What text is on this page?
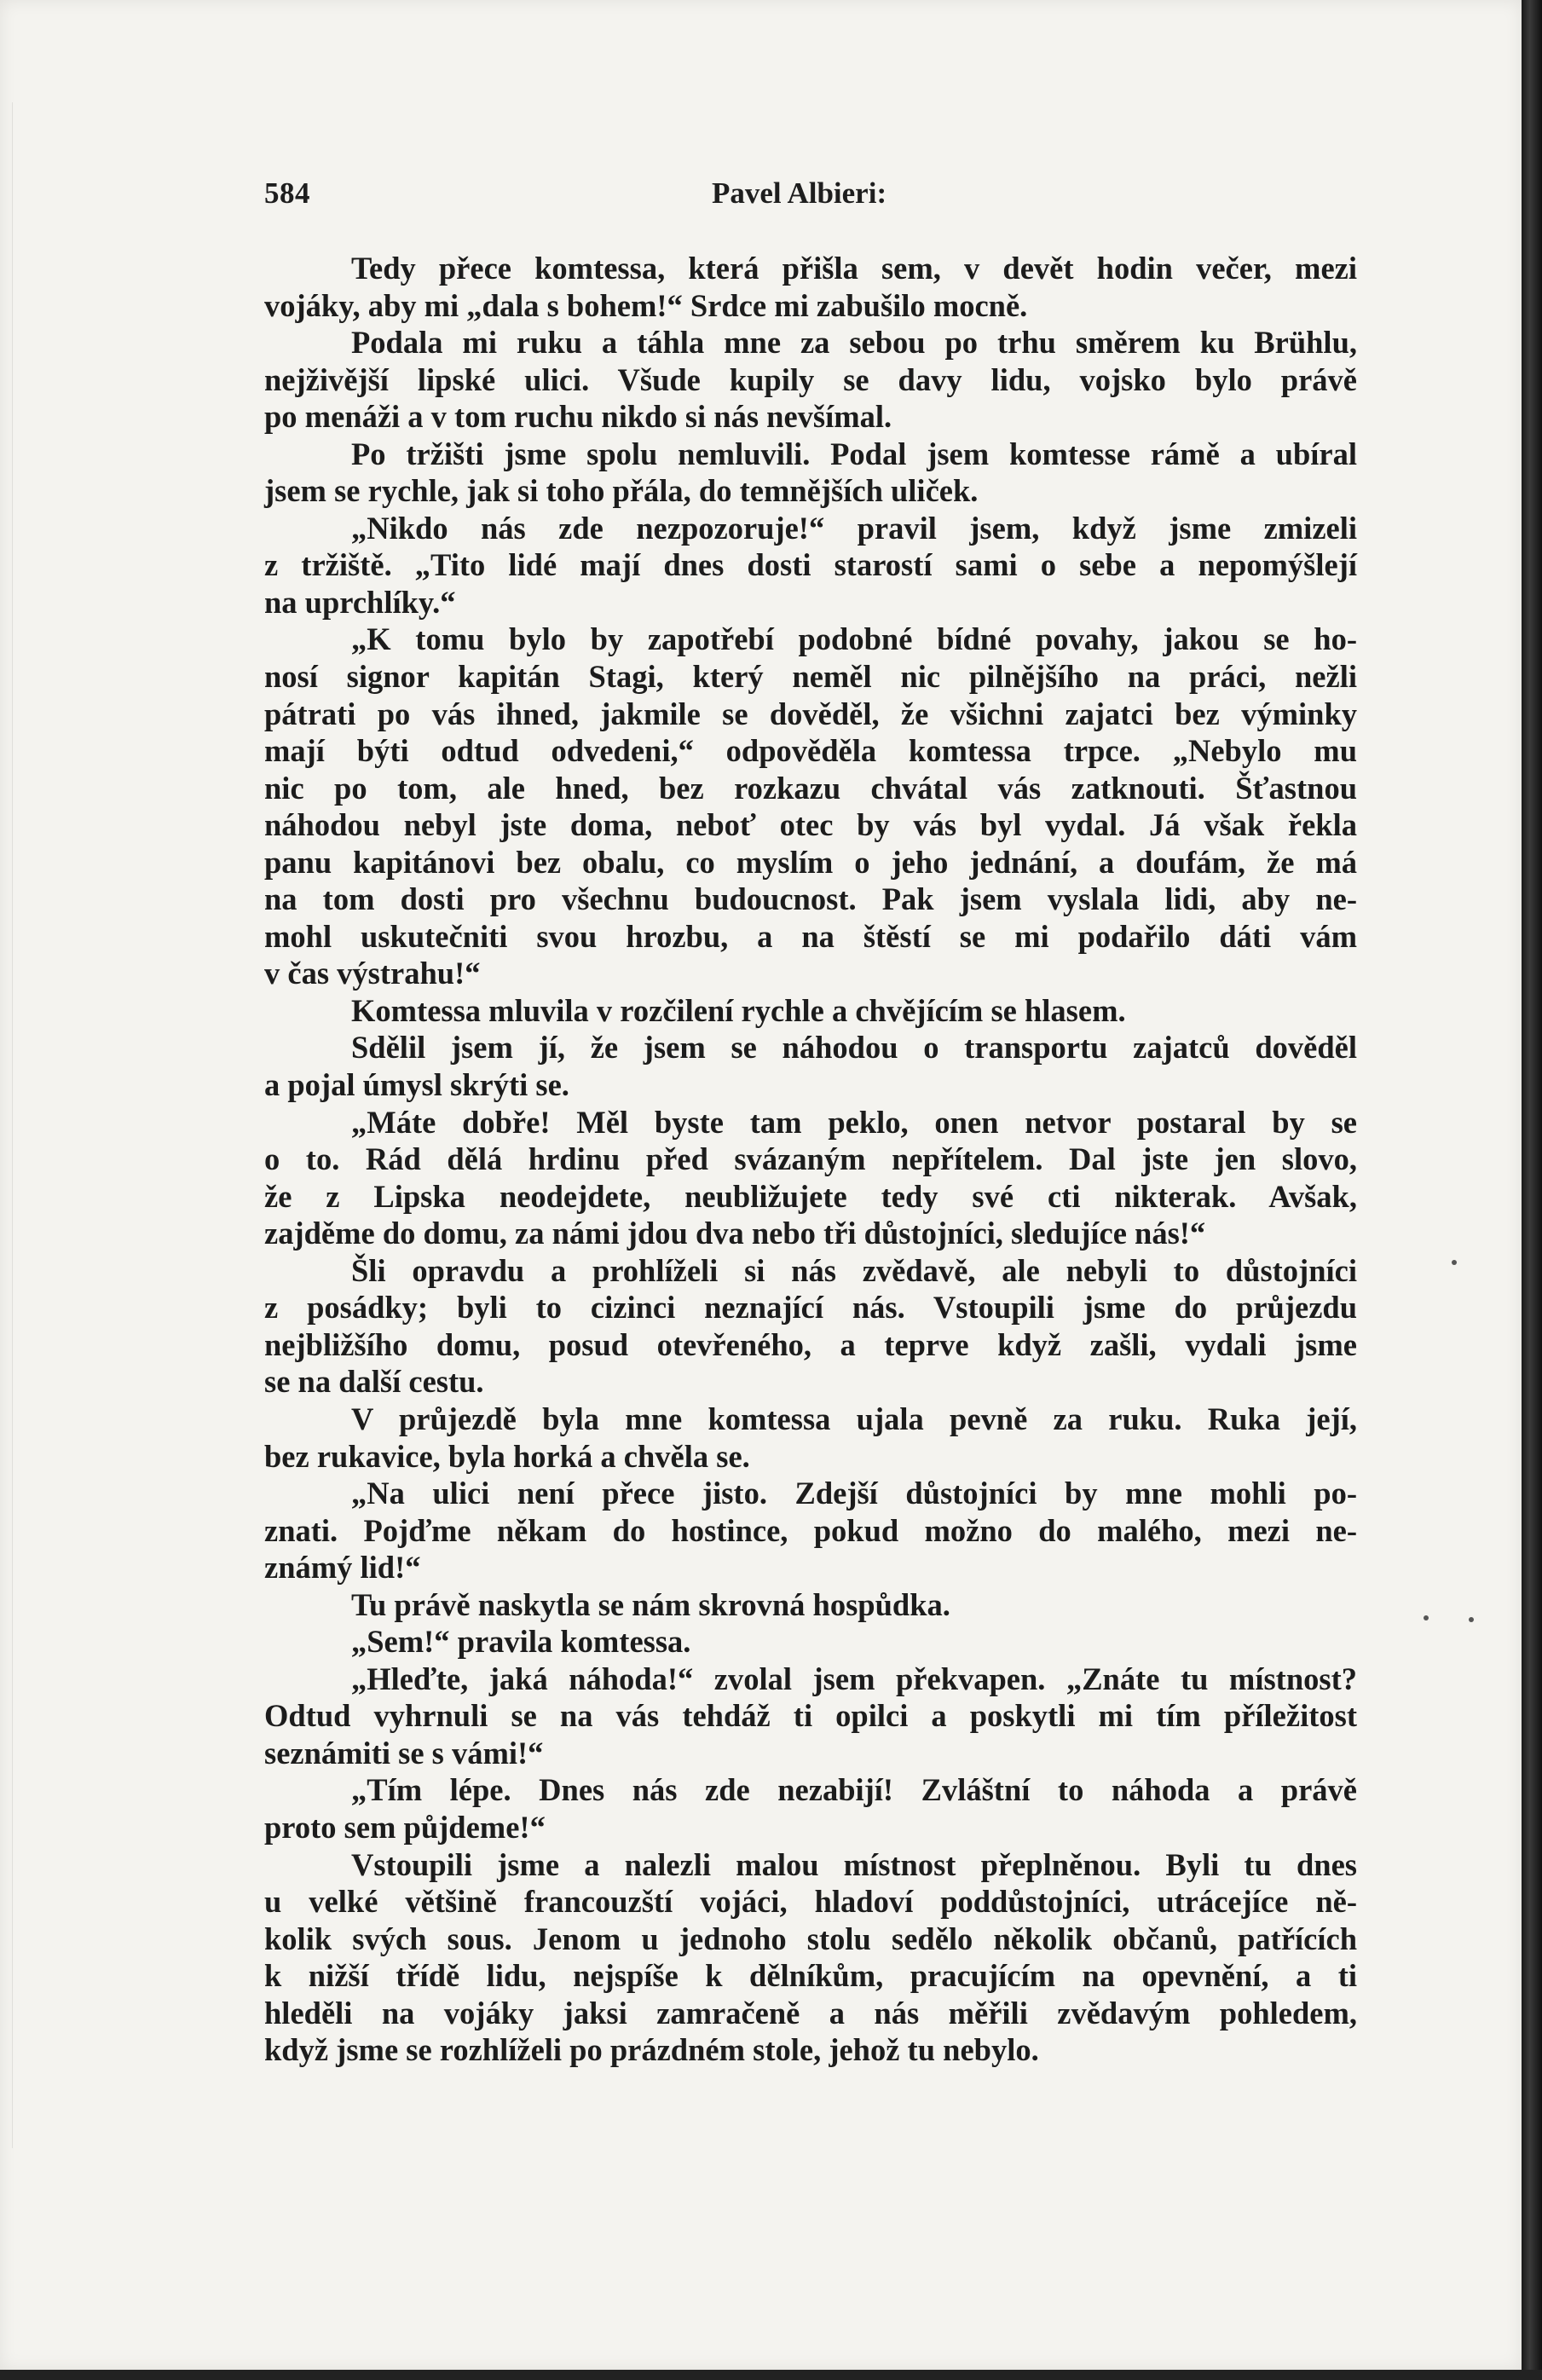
584	Pavel Albieri:
Tedy přece komtessa, která přišla sem, v devět hodin večer, mezi
vojáky, aby mi „dala s bohem!“ Srdce mi zabušilo mocně.
Podala mi ruku a táhla mne za sebou po trhu směrem ku Brühlu,
nejživější lipské ulici. Všude kupily se davy lidu, vojsko bylo právě
po menáži a v tom ruchu nikdo si nás nevšímal.
Po tržišti jsme spolu nemluvili. Podal jsem komtesse rámě a ubíral
jsem se rychle, jak si toho přála, do temnějších uliček.
„Nikdo nás zde nezpozoruje!“ pravil jsem, když jsme zmizeli
z tržiště. „Tito lidé mají dnes dosti starostí sami o sebe a nepomýšlejí
na uprchlíky.“
„K tomu bylo by zapotřebí podobné bídné povahy, jakou se ho-
nosí signor kapitán Stagi, který neměl nic pilnějšího na práci, nežli
pátrati po vás ihned, jakmile se dověděl, že všichni zajatci bez výminky
mají býti odtud odvedeni,“ odpověděla komtessa trpce. „Nebylo mu
nic po tom, ale hned, bez rozkazu chvátal vás zatknouti. Šťastnou
náhodou nebyl jste doma, neboť otec by vás byl vydal. Já však řekla
panu kapitánovi bez obalu, co myslím o jeho jednání, a doufám, že má
na tom dosti pro všechnu budoucnost. Pak jsem vyslala lidi, aby ne-
mohl uskutečniti svou hrozbu, a na štěstí se mi podařilo dáti vám
v čas výstrahu!“
Komtessa mluvila v rozčilení rychle a chvějícím se hlasem.
Sdělil jsem jí, že jsem se náhodou o transportu zajatců dověděl
a pojal úmysl skrýti se.
„Máte dobře! Měl byste tam peklo, onen netvor postaral by se
o to. Rád dělá hrdinu před svázaným nepřítelem. Dal jste jen slovo,
že z Lipska neodejdete, neubližujete tedy své cti nikterak. Avšak,
zajděme do domu, za námi jdou dva nebo tři důstojníci, sledujíce nás!“
Šli opravdu a prohlíželi si nás zvědavě, ale nebyli to důstojníci
z posádky; byli to cizinci neznající nás. Vstoupili jsme do průjezdu
nejbližšího domu, posud otevřeného, a teprve když zašli, vydali jsme
se na další cestu.
V průjezdě byla mne komtessa ujala pevně za ruku. Ruka její,
bez rukavice, byla horká a chvěla se.
„Na ulici není přece jisto. Zdejší důstojníci by mne mohli po-
znati. Pojďme někam do hostince, pokud možno do malého, mezi ne-
známý lid!“
Tu právě naskytla se nám skrovná hospůdka.
„Sem!“ pravila komtessa.
„Hleďte, jaká náhoda!“ zvolal jsem překvapen. „Znáte tu místnost?
Odtud vyhrnuli se na vás tehdáž ti opilci a poskytli mi tím příležitost
seznámiti se s vámi!“
„Tím lépe. Dnes nás zde nezabijí! Zvláštní to náhoda a právě
proto sem půjdeme!“
Vstoupili jsme a nalezli malou místnost přeplněnou. Byli tu dnes
u velké většině francouzští vojáci, hladoví poddůstojníci, utrácejíce ně-
kolik svých sous. Jenom u jednoho stolu sedělo několik občanů, patřících
k nižší třídě lidu, nejspíše k dělníkům, pracujícím na opevnění, a ti
hleděli na vojáky jaksi zamračeně a nás měřili zvědavým pohledem,
když jsme se rozhlíželi po prázdném stole, jehož tu nebylo.
